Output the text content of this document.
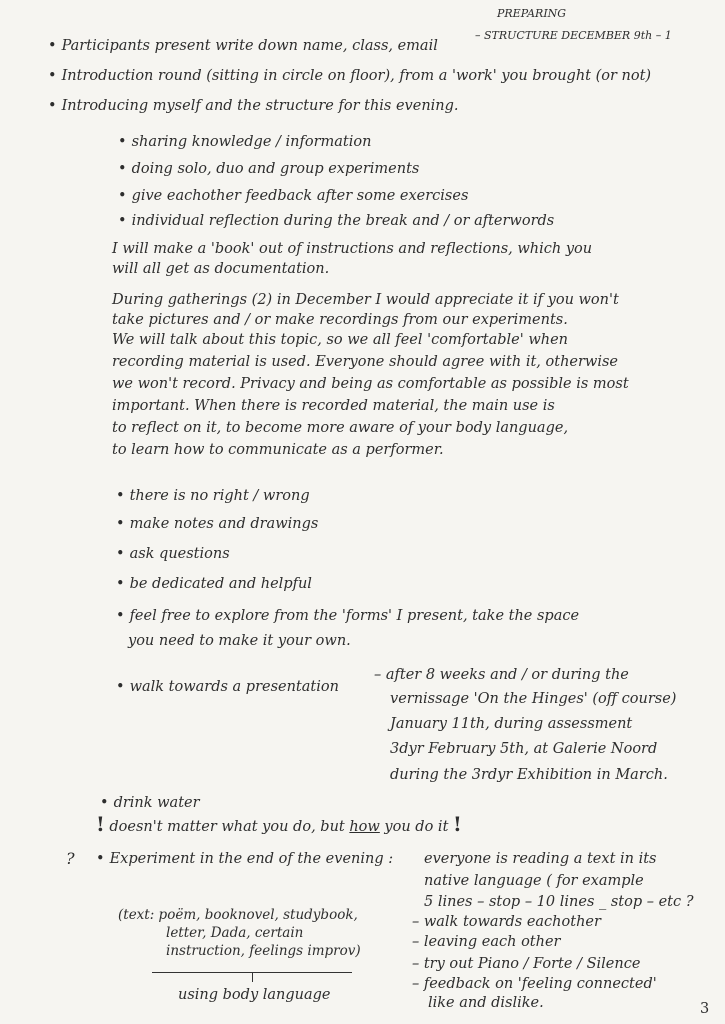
PREPARING
– STRUCTURE DECEMBER 9th – 1
• Participants present write down name, class, email
• Introduction round (sitting in circle on floor), from a 'work' you brought (or not)
• Introducing myself and the structure for this evening.
• sharing knowledge / information
• doing solo, duo and group experiments
• give eachother feedback after some exercises
• individual reflection during the break and / or afterwords
I will make a 'book' out of instructions and reflections, which you
will all get as documentation.
During gatherings (2) in December I would appreciate it if you won't
take pictures and / or make recordings from our experiments.
We will talk about this topic, so we all feel 'comfortable' when
recording material is used. Everyone should agree with it, otherwise
we won't record. Privacy and being as comfortable as possible is most
important. When there is recorded material, the main use is
to reflect on it, to become more aware of your body language,
to learn how to communicate as a performer.
• there is no right / wrong
• make notes and drawings
• ask questions
• be dedicated and helpful
• feel free to explore from the 'forms' I present, take the space
you need to make it your own.
• walk towards a presentation
– after 8 weeks and / or during the
vernissage 'On the Hinges' (off course)
January 11th, during assessment
3dyr February 5th, at Galerie Noord
during the 3rdyr Exhibition in March.
• drink water
! doesn't matter what you do, but how you do it !
?
•	Experiment in the end of the evening : everyone is reading a text in its
native language ( for example
5 lines – stop – 10 lines _ stop – etc ?
– walk towards eachother
– leaving each other
– try out Piano / Forte / Silence
– feedback on 'feeling connected'
like and dislike.
(text: poëm, booknovel, studybook,
letter, Dada, certain
instruction, feelings improv)
using body language
3
